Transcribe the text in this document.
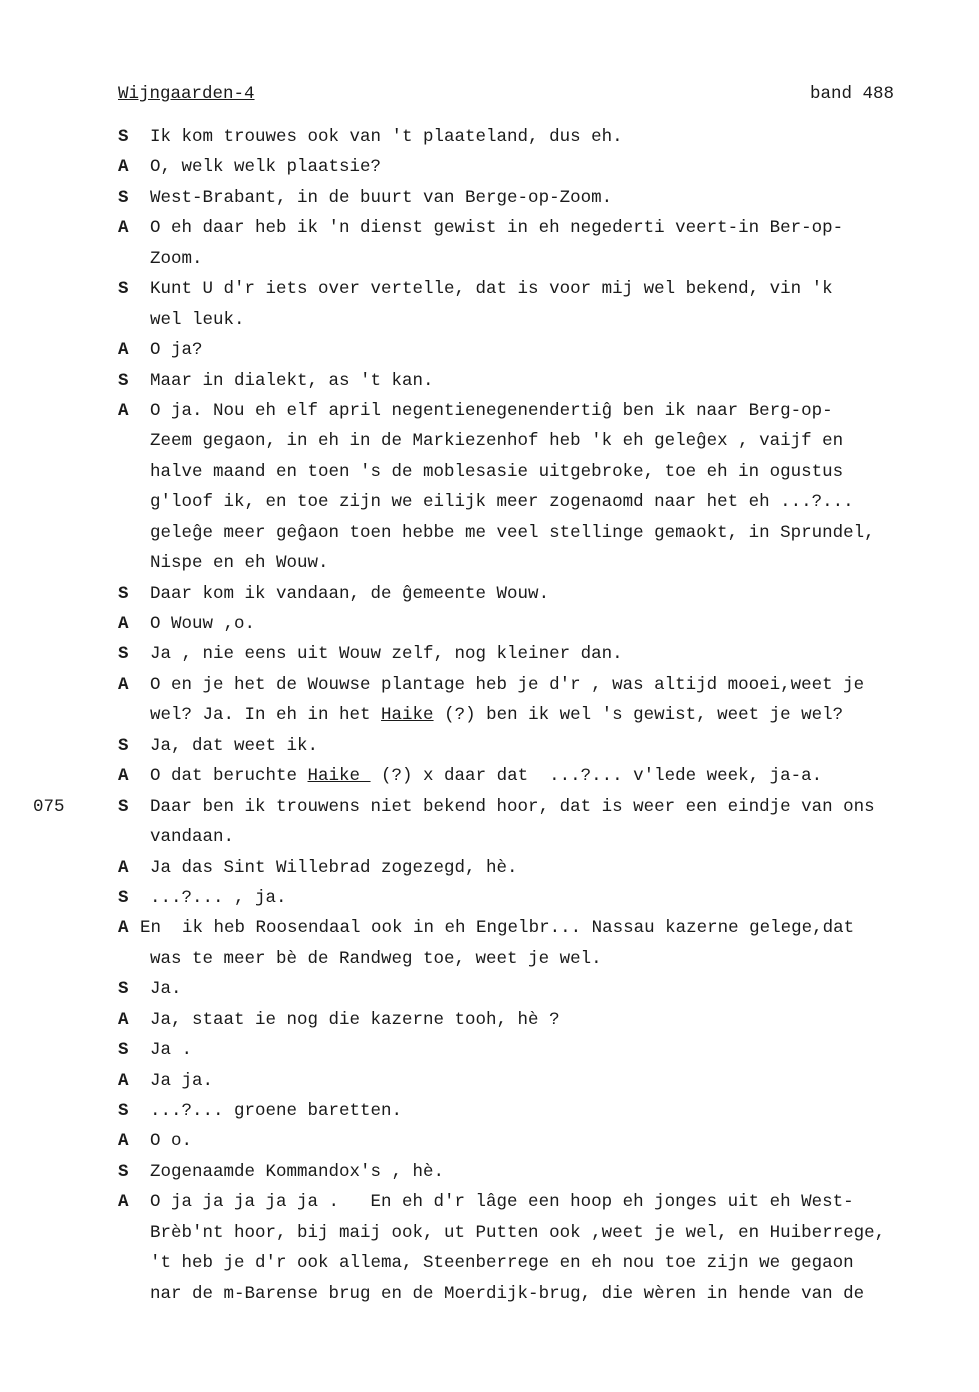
Wijngaarden-4	band 488
S Ik kom trouwes ook van 't plaateland, dus eh.
A O, welk welk plaatsie?
S West-Brabant, in de buurt van Berge-op-Zoom.
A O eh daar heb ik 'n dienst gewist in eh negederti veert-in Ber-op-
Zoom.
S Kunt U d'r iets over vertelle, dat is voor mij wel bekend, vin 'k
wel leuk.
A O ja?
S Maar in dialekt, as 't kan.
A O ja. Nou eh elf april negentienegenendertiĝ ben ik naar Berg-op-
Zeem gegaon, in eh in de Markiezenhof heb 'k eh geleĝex , vaijf en
halve maand en toen 's de moblesasie uitgebroke, toe eh in ogustus
g'loof ik, en toe zijn we eilijk meer zogenaomd naar het eh ...?...
geleĝe meer geĝaon toen hebbe me veel stellinge gemaokt, in Sprundel,
Nispe en eh Wouw.
S Daar kom ik vandaan, de ĝemeente Wouw.
A O Wouw ,o.
S Ja , nie eens uit Wouw zelf, nog kleiner dan.
A O en je het de Wouwse plantage heb je d'r , was altijd mooei,weet je
wel? Ja. In eh in het Haike (?) ben ik wel 's gewist, weet je wel?
S Ja, dat weet ik.
A O dat beruchte Haike  (?) x daar dat  ...?... v'lede week, ja-a.
075	S Daar ben ik trouwens niet bekend hoor, dat is weer een eindje van ons
vandaan.
A Ja das Sint Willebrad zogezegd, hè.
S ...?... , ja.
A En  ik heb Roosendaal ook in eh Engelbr... Nassau kazerne gelege,dat
was te meer bè de Randweg toe, weet je wel.
S Ja.
A Ja, staat ie nog die kazerne tooh, hè ?
S Ja .
A Ja ja.
S ...?... groene baretten.
A O o.
S Zogenaamde Kommandox's , hè.
A O ja ja ja ja ja .   En eh d'r lâge een hoop eh jonges uit eh West-
Brèb'nt hoor, bij maij ook, ut Putten ook ,weet je wel, en Huiberrege,
't heb je d'r ook allema, Steenberrege en eh nou toe zijn we gegaon
nar de m-Barense brug en de Moerdijk-brug, die wèren in hende van de
